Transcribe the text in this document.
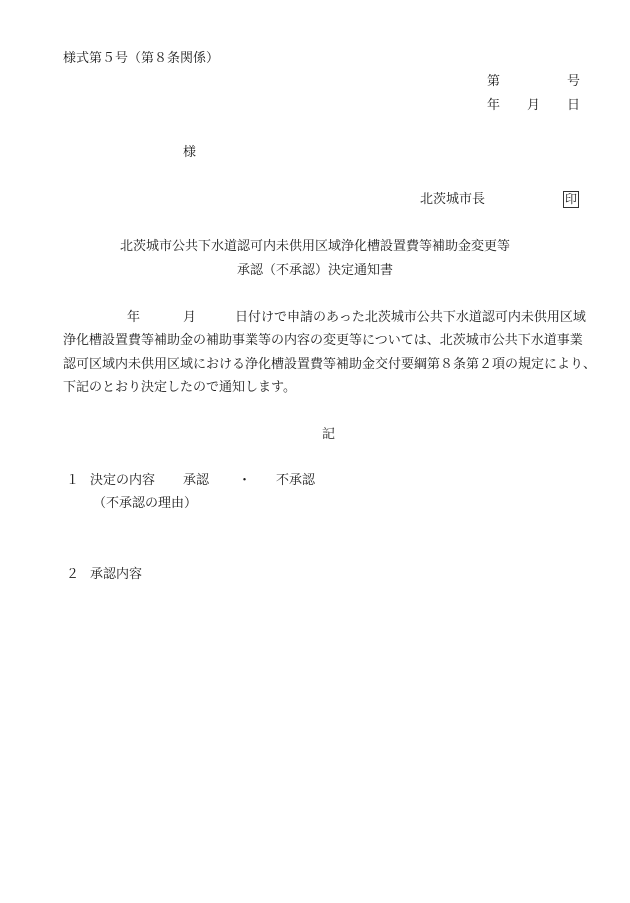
様式第５号（第８条関係）
第	号
年 月 日
様
北茨城市長	印
北茨城市公共下水道認可内未供用区域浄化槽設置費等補助金変更等
承認（不承認）決定通知書
年	月	日付けで申請のあった北茨城市公共下水道認可内未供用区域
浄化槽設置費等補助金の補助事業等の内容の変更等については、北茨城市公共下水道事業
認可区域内未供用区域における浄化槽設置費等補助金交付要綱第８条第２項の規定により、
下記のとおり決定したので通知します。
記
１ 決定の内容 承認 ・ 不承認
（不承認の理由）
２ 承認内容
